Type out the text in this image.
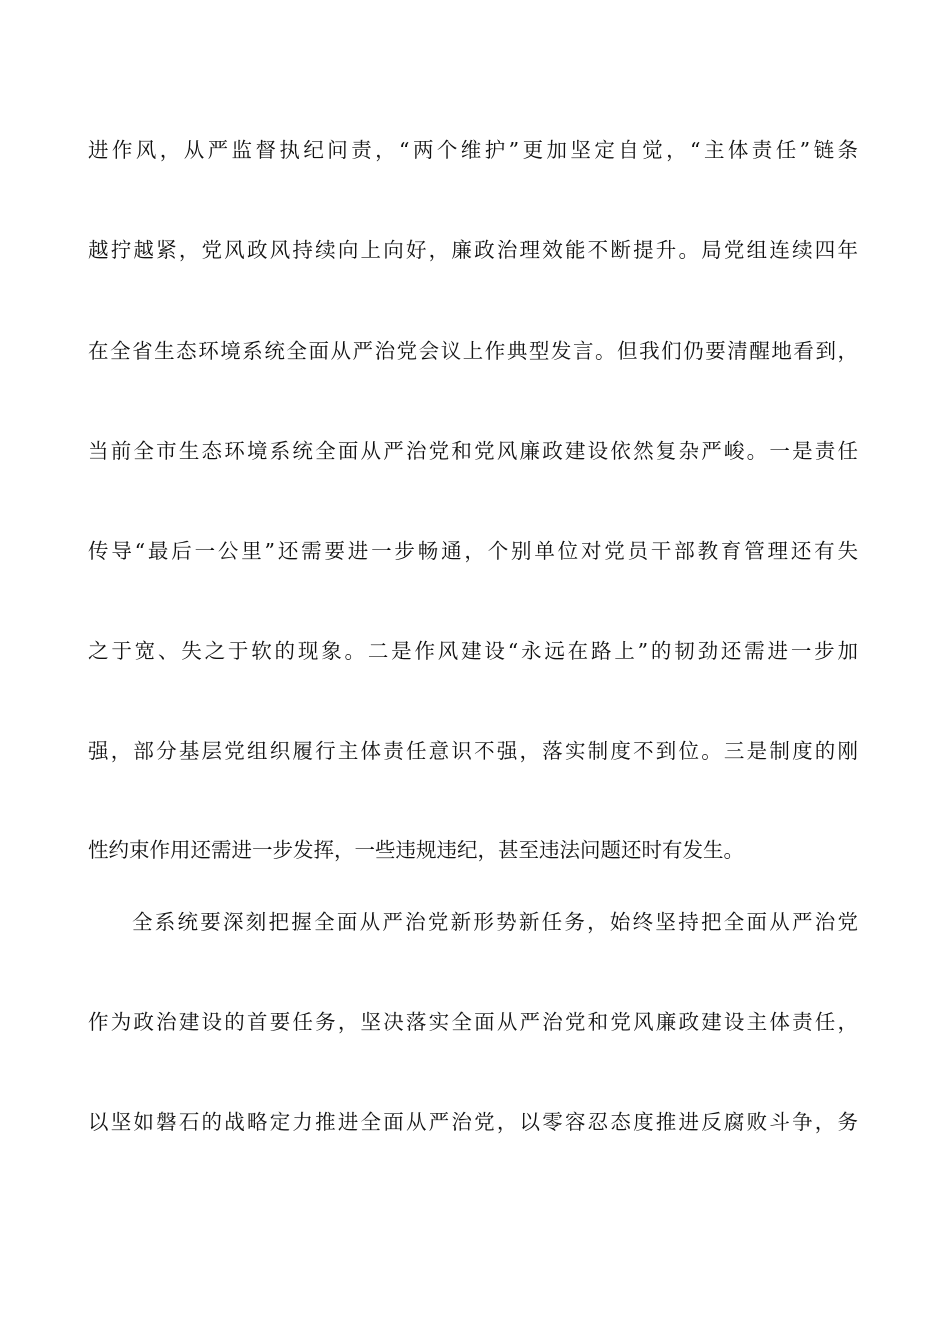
进作风，从严监督执纪问责，“两个维护”更加坚定自觉，“主体责任”链条
越拧越紧，党风政风持续向上向好，廉政治理效能不断提升。局党组连续四年
在全省生态环境系统全面从严治党会议上作典型发言。但我们仍要清醒地看到，
当前全市生态环境系统全面从严治党和党风廉政建设依然复杂严峻。一是责任
传导“最后一公里”还需要进一步畅通，个别单位对党员干部教育管理还有失
之于宽、失之于软的现象。二是作风建设“永远在路上”的韧劲还需进一步加
强，部分基层党组织履行主体责任意识不强，落实制度不到位。三是制度的刚
性约束作用还需进一步发挥，一些违规违纪，甚至违法问题还时有发生。
全系统要深刻把握全面从严治党新形势新任务，始终坚持把全面从严治党
作为政治建设的首要任务，坚决落实全面从严治党和党风廉政建设主体责任，
以坚如磐石的战略定力推进全面从严治党，以零容忍态度推进反腐败斗争，务
